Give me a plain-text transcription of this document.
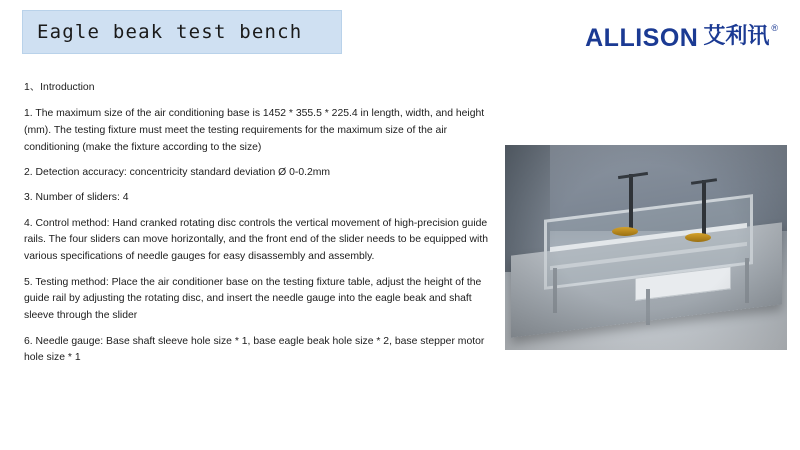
Eagle beak test bench	ALLISON 艾利讯 ®

1、Introduction

1. The maximum size of the air conditioning base is 1452 * 355.5 * 225.4 in length, width, and height (mm). The testing fixture must meet the testing requirements for the maximum size of the air conditioning (make the fixture according to the size)

2. Detection accuracy: concentricity standard deviation Ø 0-0.2mm

3. Number of sliders: 4

4. Control method: Hand cranked rotating disc controls the vertical movement of high-precision guide rails. The four sliders can move horizontally, and the front end of the slider needs to be equipped with various specifications of needle gauges for easy disassembly and assembly.

5. Testing method: Place the air conditioner base on the testing fixture table, adjust the height of the guide rail by adjusting the rotating disc, and insert the needle gauge into the eagle beak and shaft sleeve through the slider

6. Needle gauge: Base shaft sleeve hole size * 1, base eagle beak hole size * 2, base stepper motor hole size * 1
